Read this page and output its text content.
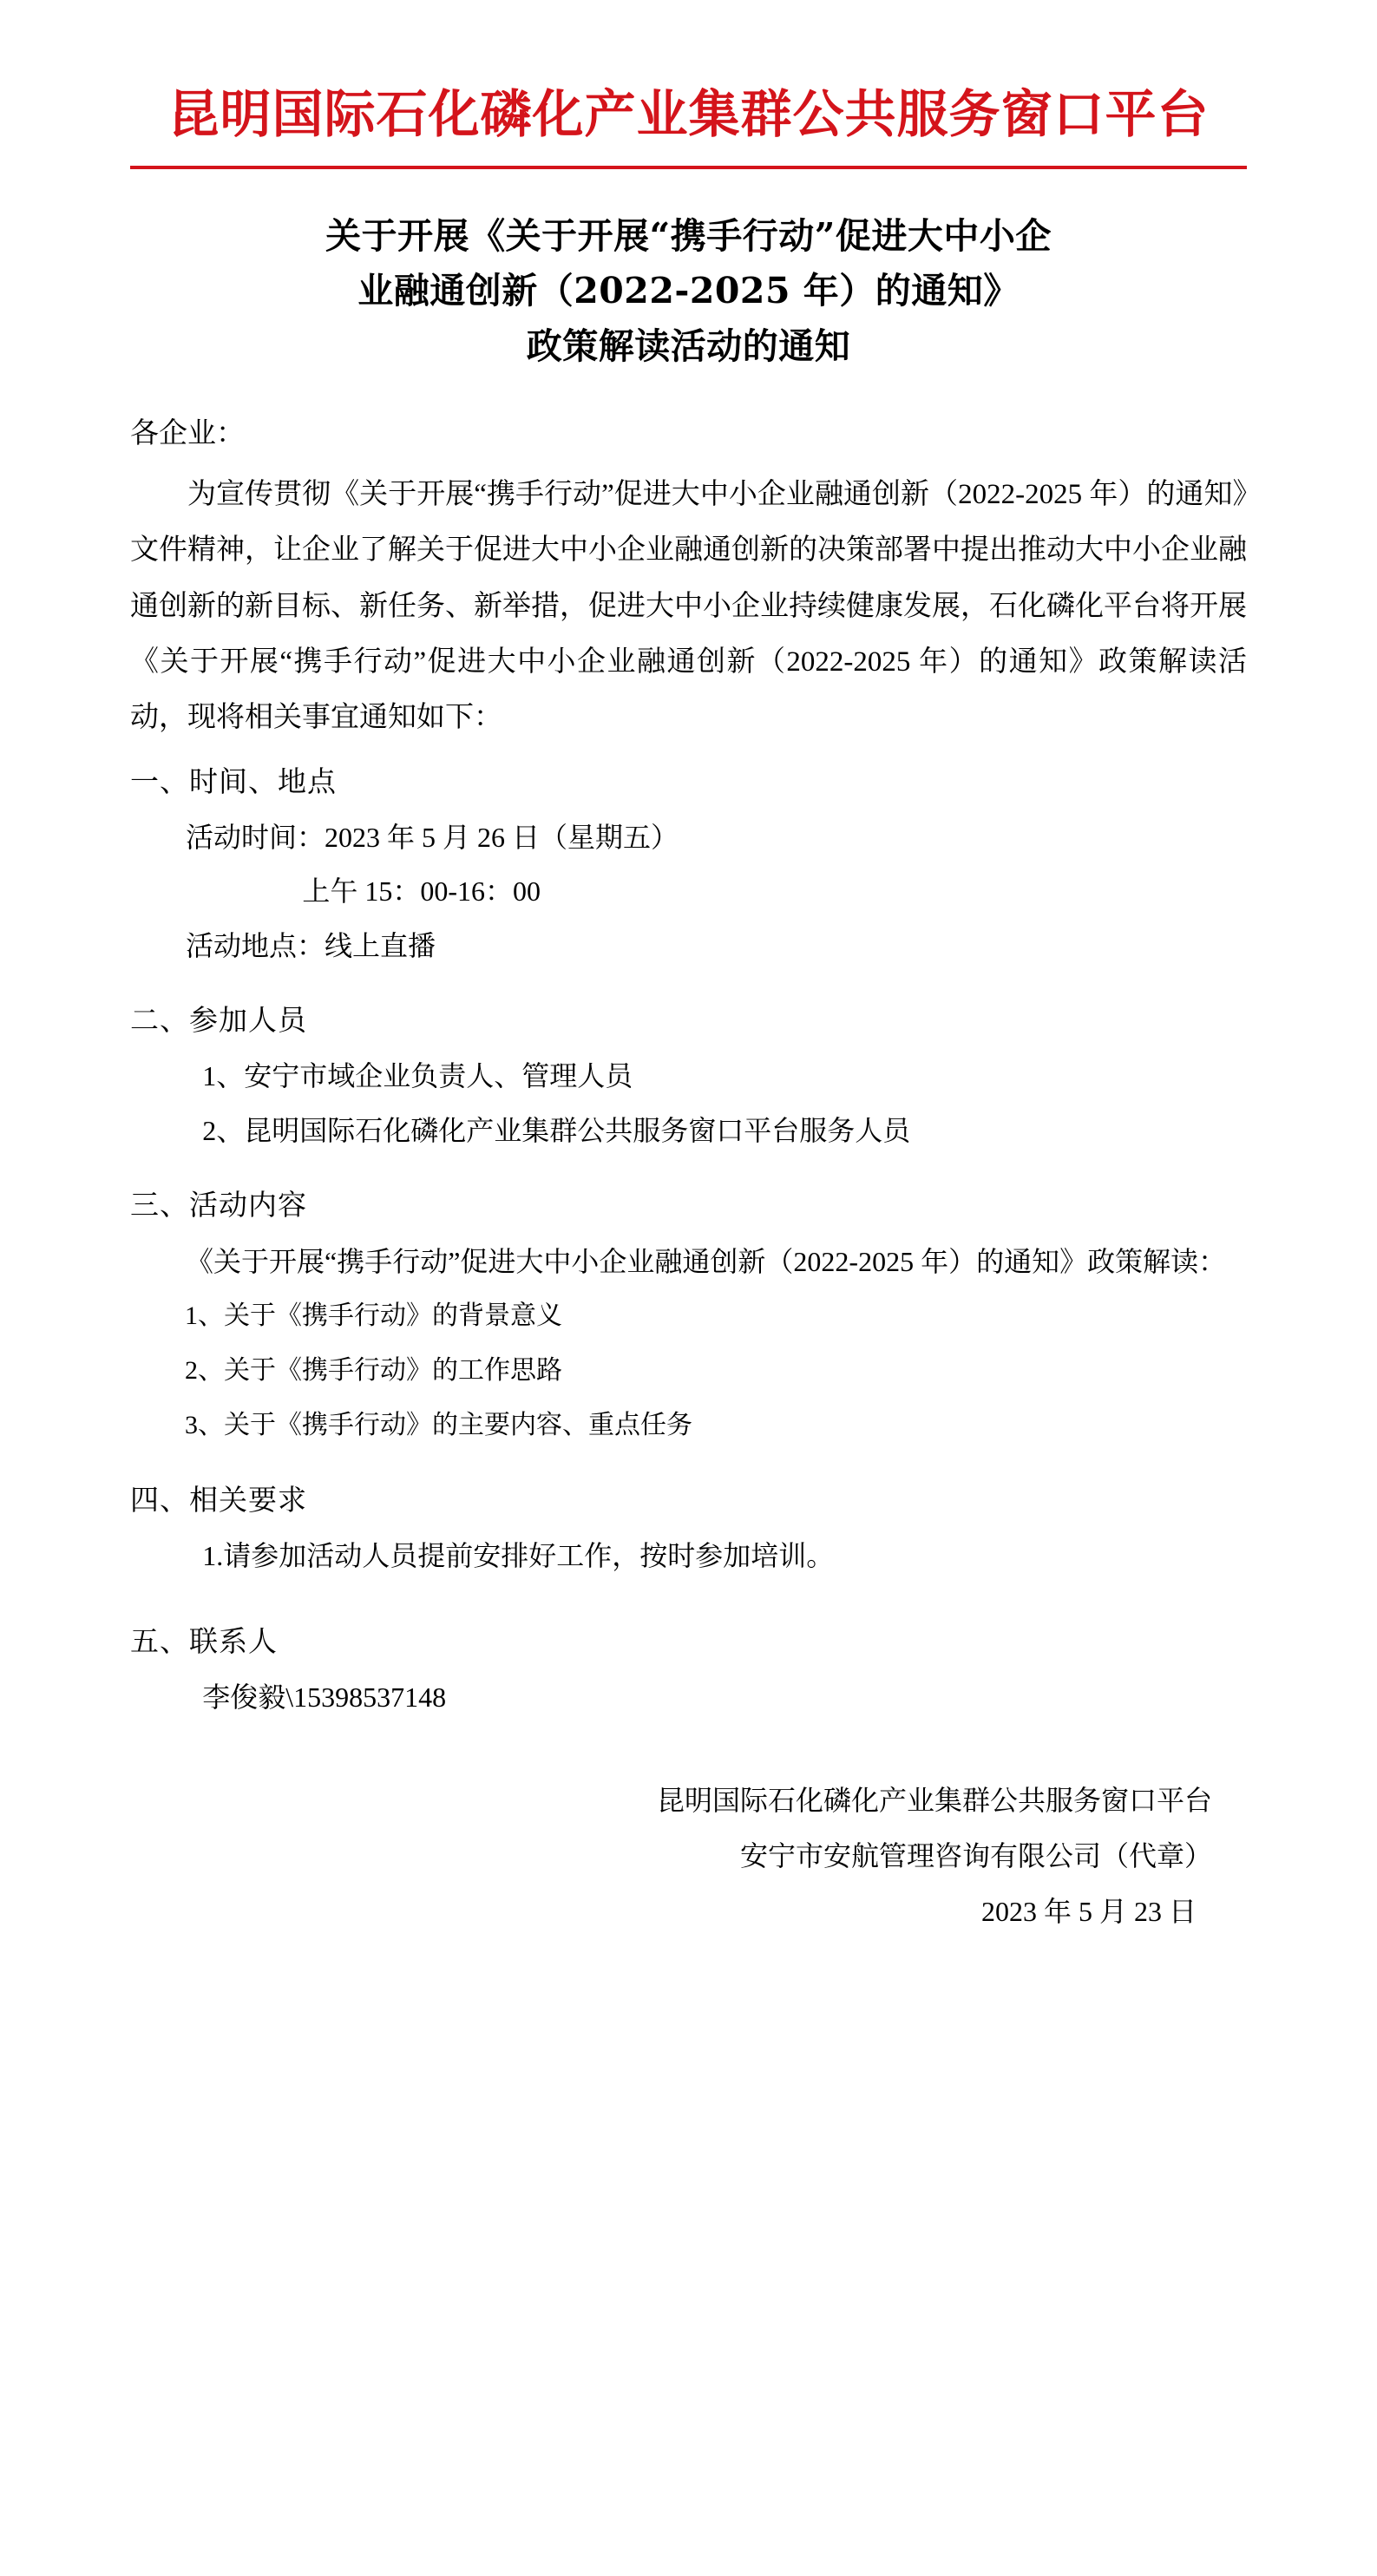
昆明国际石化磷化产业集群公共服务窗口平台
关于开展《关于开展“携手行动”促进大中小企
业融通创新（2022-2025 年）的通知》
政策解读活动的通知
各企业：
为宣传贯彻《关于开展“携手行动”促进大中小企业融通创新（2022-2025 年）的通知》文件精神，让企业了解关于促进大中小企业融通创新的决策部署中提出推动大中小企业融通创新的新目标、新任务、新举措，促进大中小企业持续健康发展，石化磷化平台将开展《关于开展“携手行动”促进大中小企业融通创新（2022-2025 年）的通知》政策解读活动，现将相关事宜通知如下：
一、时间、地点
活动时间：2023 年 5 月 26 日（星期五）
上午 15：00-16：00
活动地点：线上直播
二、参加人员
1、安宁市域企业负责人、管理人员
2、昆明国际石化磷化产业集群公共服务窗口平台服务人员
三、活动内容
《关于开展“携手行动”促进大中小企业融通创新（2022-2025 年）的通知》政策解读：
1、关于《携手行动》的背景意义
2、关于《携手行动》的工作思路
3、关于《携手行动》的主要内容、重点任务
四、相关要求
1.请参加活动人员提前安排好工作，按时参加培训。
五、联系人
李俊毅\15398537148
昆明国际石化磷化产业集群公共服务窗口平台
安宁市安航管理咨询有限公司（代章）
2023 年 5 月 23 日
